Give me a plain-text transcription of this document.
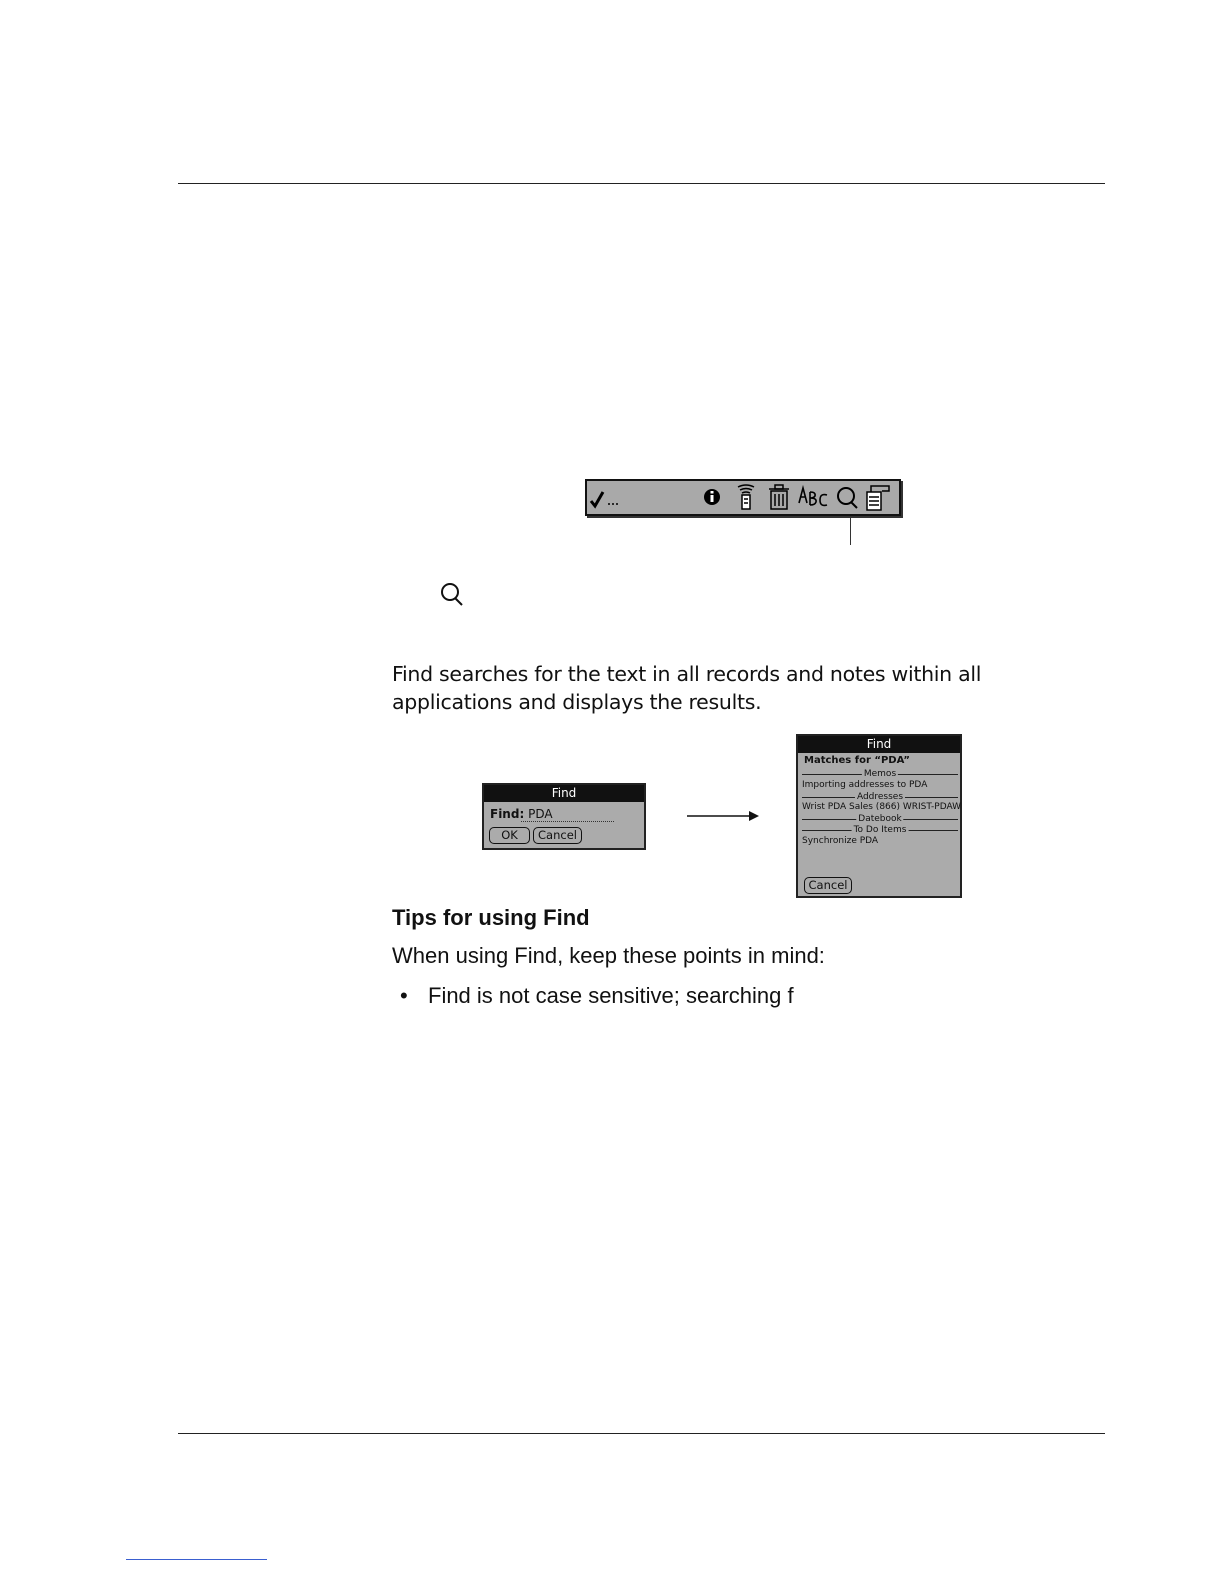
Find searches for the text in all records and notes within all applications and displays the results.
Find
Find: PDA
OK	Cancel
Find
Matches for “PDA”
Memos
Importing addresses to PDA
Addresses
Wrist PDA Sales (866) WRIST-PDAW
Datebook
To Do Items
Synchronize PDA
Cancel
Tips for using Find
When using Find, keep these points in mind:
• Find is not case sensitive; searching f
